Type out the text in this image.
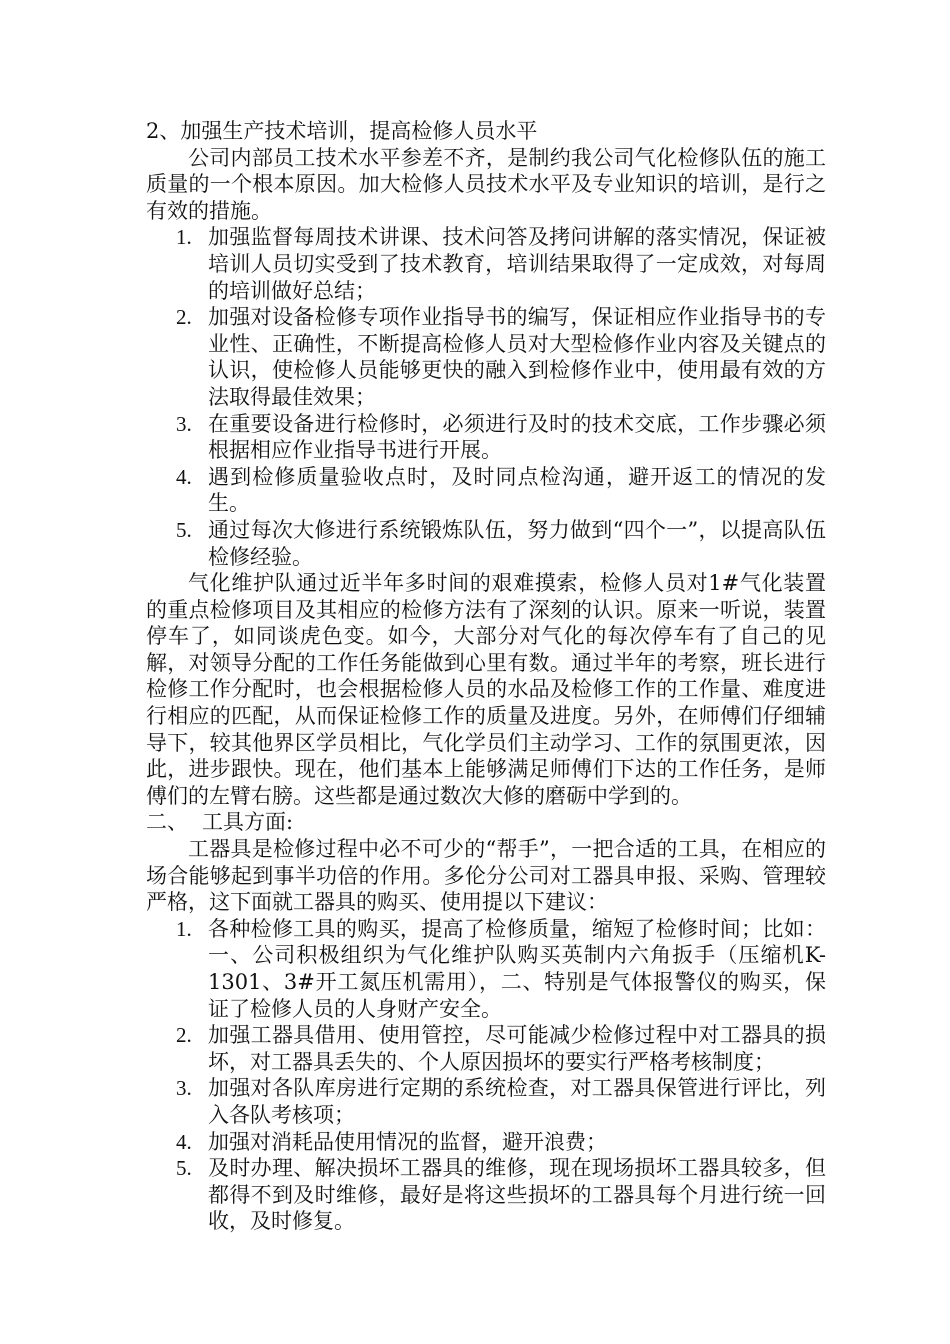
2、加强生产技术培训，提高检修人员水平

公司内部员工技术水平参差不齐，是制约我公司气化检修队伍的施工质量的一个根本原因。加大检修人员技术水平及专业知识的培训，是行之有效的措施。

1. 加强监督每周技术讲课、技术问答及拷问讲解的落实情况，保证被培训人员切实受到了技术教育，培训结果取得了一定成效，对每周的培训做好总结；
2. 加强对设备检修专项作业指导书的编写，保证相应作业指导书的专业性、正确性，不断提高检修人员对大型检修作业内容及关键点的认识，使检修人员能够更快的融入到检修作业中，使用最有效的方法取得最佳效果；
3. 在重要设备进行检修时，必须进行及时的技术交底，工作步骤必须根据相应作业指导书进行开展。
4. 遇到检修质量验收点时，及时同点检沟通，避开返工的情况的发生。
5. 通过每次大修进行系统锻炼队伍，努力做到“四个一”，以提高队伍检修经验。

气化维护队通过近半年多时间的艰难摸索，检修人员对1#气化装置的重点检修项目及其相应的检修方法有了深刻的认识。原来一听说，装置停车了，如同谈虎色变。如今，大部分对气化的每次停车有了自己的见解，对领导分配的工作任务能做到心里有数。通过半年的考察，班长进行检修工作分配时，也会根据检修人员的水品及检修工作的工作量、难度进行相应的匹配，从而保证检修工作的质量及进度。另外，在师傅们仔细辅导下，较其他界区学员相比，气化学员们主动学习、工作的氛围更浓，因此，进步跟快。现在，他们基本上能够满足师傅们下达的工作任务，是师傅们的左臂右膀。这些都是通过数次大修的磨砺中学到的。

二、 工具方面:

工器具是检修过程中必不可少的“帮手”，一把合适的工具，在相应的场合能够起到事半功倍的作用。多伦分公司对工器具申报、采购、管理较严格，这下面就工器具的购买、使用提以下建议：

1. 各种检修工具的购买，提高了检修质量，缩短了检修时间；比如：一、公司积极组织为气化维护队购买英制内六角扳手（压缩机K-1301、3#开工氮压机需用），二、特别是气体报警仪的购买，保证了检修人员的人身财产安全。
2. 加强工器具借用、使用管控，尽可能减少检修过程中对工器具的损坏，对工器具丢失的、个人原因损坏的要实行严格考核制度；
3. 加强对各队库房进行定期的系统检查，对工器具保管进行评比，列入各队考核项；
4. 加强对消耗品使用情况的监督，避开浪费；
5. 及时办理、解决损坏工器具的维修，现在现场损坏工器具较多，但都得不到及时维修，最好是将这些损坏的工器具每个月进行统一回收，及时修复。
